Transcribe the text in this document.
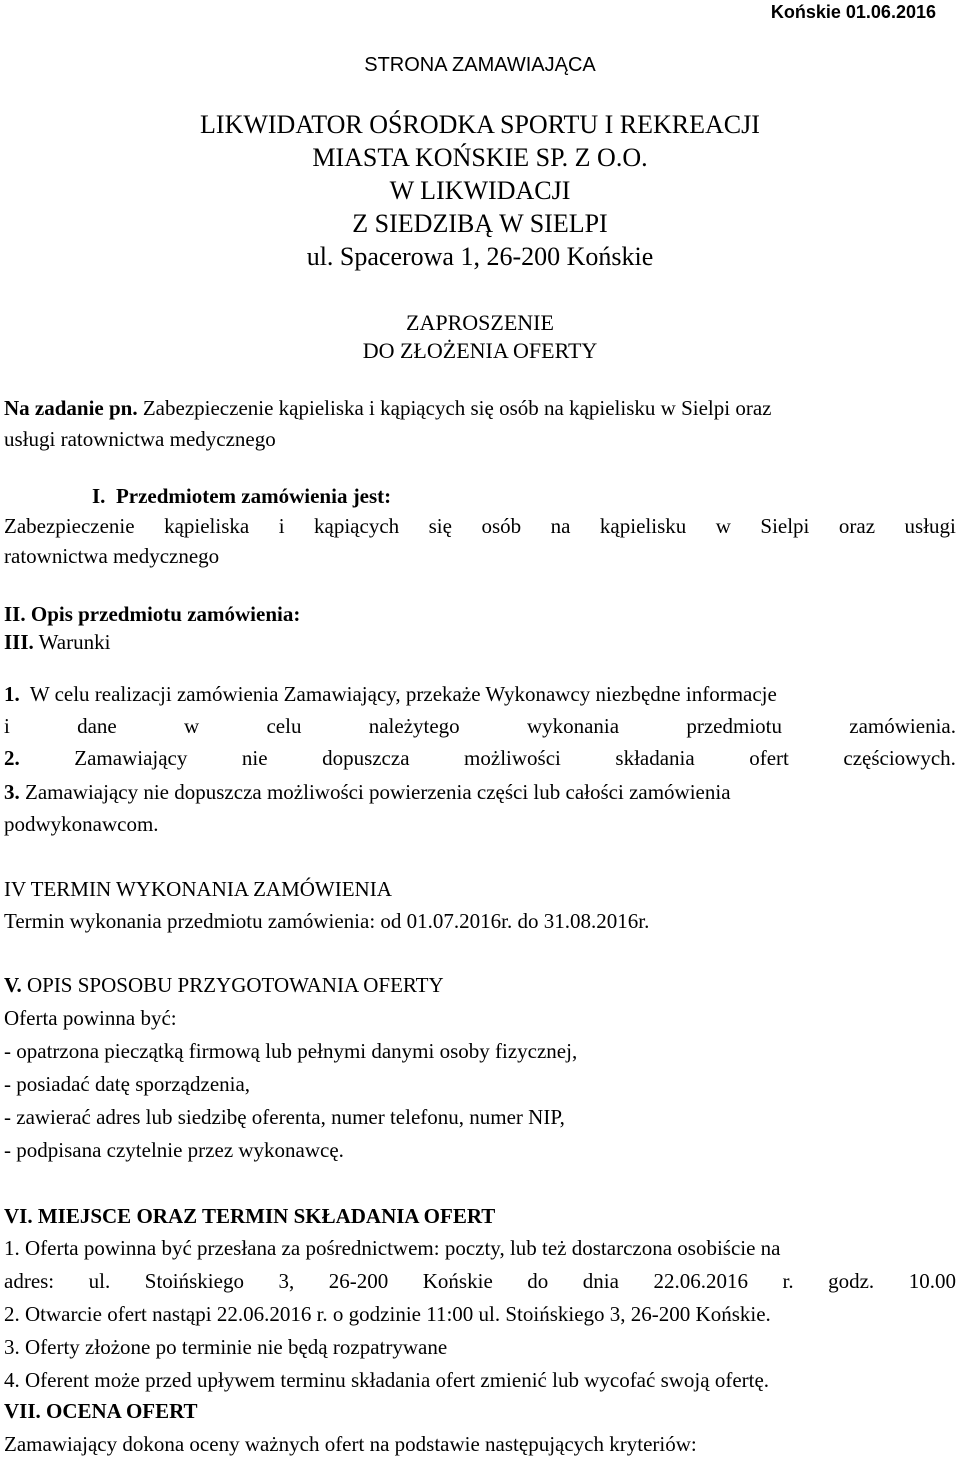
Końskie 01.06.2016
STRONA ZAMAWIAJĄCA
LIKWIDATOR OŚRODKA SPORTU I REKREACJI
MIASTA KOŃSKIE SP. Z O.O.
W LIKWIDACJI
Z SIEDZIBĄ W SIELPI
ul. Spacerowa 1, 26-200 Końskie
ZAPROSZENIE
DO ZŁOŻENIA OFERTY
Na zadanie pn. Zabezpieczenie kąpieliska i kąpiących się osób na kąpielisku w Sielpi oraz
usługi ratownictwa medycznego
I. Przedmiotem zamówienia jest:
Zabezpieczenie kąpieliska i kąpiących się osób na kąpielisku w Sielpi oraz usługi
ratownictwa medycznego
II. Opis przedmiotu zamówienia:
III. Warunki
1. W celu realizacji zamówienia Zamawiający, przekaże Wykonawcy niezbędne informacje
i	dane	w	celu	należytego	wykonania	przedmiotu	zamówienia.
2.	Zamawiający	nie	dopuszcza	możliwości	składania	ofert	częściowych.
3. Zamawiający nie dopuszcza możliwości powierzenia części lub całości zamówienia
podwykonawcom.
IV TERMIN WYKONANIA ZAMÓWIENIA
Termin wykonania przedmiotu zamówienia: od 01.07.2016r. do 31.08.2016r.
V. OPIS SPOSOBU PRZYGOTOWANIA OFERTY
Oferta powinna być:
- opatrzona pieczątką firmową lub pełnymi danymi osoby fizycznej,
- posiadać datę sporządzenia,
- zawierać adres lub siedzibę oferenta, numer telefonu, numer NIP,
- podpisana czytelnie przez wykonawcę.
VI. MIEJSCE ORAZ TERMIN SKŁADANIA OFERT
1. Oferta powinna być przesłana za pośrednictwem: poczty, lub też dostarczona osobiście na
adres: ul. Stoińskiego 3, 26-200 Końskie do dnia 22.06.2016 r. godz. 10.00
2. Otwarcie ofert nastąpi 22.06.2016 r. o godzinie 11:00 ul. Stoińskiego 3, 26-200 Końskie.
3. Oferty złożone po terminie nie będą rozpatrywane
4. Oferent może przed upływem terminu składania ofert zmienić lub wycofać swoją ofertę.
VII. OCENA OFERT
Zamawiający dokona oceny ważnych ofert na podstawie następujących kryteriów:
